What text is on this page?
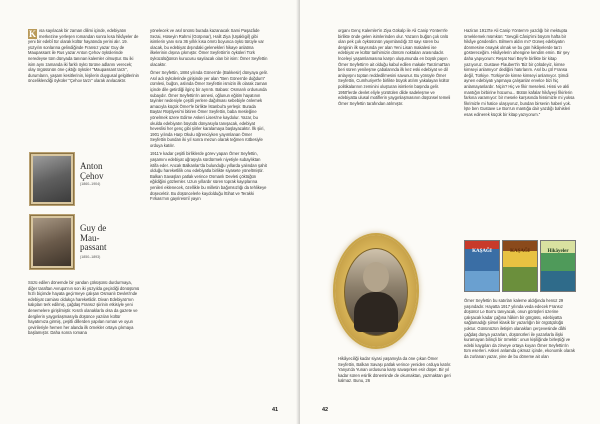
K ısa sayılacak bir zaman dilimi içinde, edebiyatın merkezine yerleşen romandan sonra kısa hikâyeler de yeni bir edebî tür olarak kültür hayatında yerini alır. 19. yüzyılın sonlarına gelindiğinde Fransız yazar Guy de Maupassant ile Rus yazar Anton Çehov öykülerinde neredeyse tüm dünyada tanınan kalemler olmuştur. Bu iki isim aynı zamanda iki farklı öykü türüne adlarını verecek; olay örgüsünün öne çıktığı öyküler "Maupassant tarzı", durumların, yaşam kesitlerinin, kişilerin duygusal gelgitlerinin önceliklendiği öyküler "Çehov tarzı" olarak anılacaktır.

Anton
Çehov
(1860–1904)
Guy de
Mau-
passant
(1850–1893)

Sözü edilen dönemde bir yandan çöküşünü durdurmaya, diğer taraftan Avrupa'nın son iki yüzyılda geçirdiği dönüşümü hızlı biçimde hayata geçirmeye çalışan Osmanlı Devleti'nde edebiyat camiası oldukça hareketlidir. Divan Edebiyatı'nın kalıpları terk edilmiş, çağdaş Fransız şiirinin etkisiyle yeni denemelere girişilmiştir. Kısıtlı olanaklarla olsa da gazete ve dergilerin yaygınlaşmasıyla düşünce yazıları kültür hayatımıza girmiş, çeşitli dillerden yapılan roman ve oyun çevirileriyle hemen her alanda ilk örnekler ortaya çıkmaya başlamıştır. Daha sonra romana

yönelecek ve asıl ününü burada kazanacak Sami Paşazâde Sezai, Hüseyin Rahmi (Gürpınar), Halit Ziya (Uşaklıgil) gibi isimlerin yanı sıra 36 yıllık kısa ömrü boyunca öykü türüyle var olacak, bu edebiyat dışındaki gelenekleri hikaye anlatma ilkelerinin dışına çıkmıştır. Ömer Seyfettin'in öyküleri Türk öykücülüğünün kurucusu sayılacak olan bir isim: Ömer Seyfettin olacaktır.

Ömer Seyfettin, 1884 yılında Gönen'de (Balıkesir) dünyaya gelir. Asıl adı öykülerinde girişinde yer alan "Ben Gönen'de doğdum" cümlesi, buğün, aslında Ömer Seyfettin ismizin ilk olarak zaman içinde dile getirdiği ilginç bir ayrıntı. Babası: Osmanlı ordusunda subaydır. Ömer Seyfettin'in annesi, oğlunun eğitim hayatının tayinler nedeniyle çeşitli yerlere dağılması sebebiyle önlemek amacıyla küçük Ömer'le birlikte İstanbul'a yerleşir. Burada Baytar Rüştiyesi'ni bitiren Ömer Seyfettin, baba mesleğine yönelmek üzere Edirne Askeri Lisesi'ne kaydolur. Yazar, bu okulda edebiyatın büyüdü dünyasıyla tanışacak, edebiyat heveslisi her genç gibi şiirler karalamaya başlayacaktır. İlk şiiri, 1901 yılında Harp Okulu öğrenciyken yayımlanan Ömer Seyfettin bundan iki yıl sonra mezun olarak teğmen rütbesiyle orduya katılır.

1911'e kadar çeşitli birliklerde görev yapan Ömer Seyfettin, yaşamını edebiyat uğraşıyla sürdürmek niyetiyle subaylıktan istifa eder. Ancak Balkanlar'da bulunduğu yıllarda yalından şahit olduğu hareketlilik onu edebiyatla birlikte siyasete yöneltmiştir. Balkan Savaşları patlak verince Osmanlı Devleti çöktüğün eğildiğini gözlemler. Uzun yıllardır süren toprak kayıplarına yenileri eklenecek, özellikle bu milletin bağımsızlığı da tehlikeye düşecektir. Bu düşüncelerle kaydolduğu İttihat ve Terakki Fırkası'nın gayriresmî yayın

41

organı Genç Kalemler'in Ziya Gökalp ile Ali Canip Yöntem'le birlikte önde gelen isimlerinden olur. Yazarın buğün çok ünlü olan pek çok öyküsünün yayımlandığı 33 sayı süren bu derginin ilk sayısında yer alan Yeni Lisan makalesi ise edebiyat ve kültür tarihimizin dönüm noktaları arasındadır. İnceleyi yaşamlamasına karşın oluşumunda en büyük payın Ömer Seyfettin'e ait olduğu kabul edilen makale Tanzimat'tan beri süren yenileşme çabalarında ilk kez eski edebiyat ve dil anlayışını toptan reddedilmesini savunur. Bu yönüyle Ömer Seyfettin, Cumhuriyet'le birlikte büyük atılım yakalayan kültür politikalarının zeminini oluşturan isimlerin başında gelir. 1950'lerde devlet eliyle yürütülen dilde sadeleşme ve edebiyatta ulusal motiflerin yaygınlaşmasının düşünsel temeli Ömer Seyfettin tarafından atılmıştır.

Hikâyeciliği kadar siyasi yaşamıyla da öne çıkan Ömer Seyfettin, Balkan Savaşı patlak verince yeniden orduya katılır. Yanya'da Yunan ordusuna karşı savaşırken esir düşer. Bir yıl kadar süren esirlik döneminde de okumaktan, yazmaktan geri kalmaz. Bunu, 26

Haziran 1913'te Ali Canip Yöntem'e yazdığı bir mektupta örneklemek mümkün: "Sevgili Cânip'imi büyüm hafta bir hikâye gönderdim. Bilmem aldın mı? Güneş edebiyatın dönmesine önayak olmak ve bu gün hikâyelerde tarzı göstereceğim. Hikâyelerin ahengine kendim emin. Bir şey daha yapıyorum: Reşat Nuri Bey'le birlikte bir kitap yazıyoruz. Gustave Flaubert'in 'Biz bir çölüdeyiz, kimse kimseyi anlamıyor' dediğini hatırlarım. Asıl bu çöl Fransa değil, Türkiye. Türkiye'de kimse kimseyi anlamıyor. Şimdi aynen edebiyatı yapmaya çalışanlar ervelce bizi hiç anlamayanlardır. Niçin? Hiç ve fikir meselesi. Hissi ve akli mantığın birbirine hücumu... Bütün kafalar hikâyeyi fikirlerin farkına varamıyor: bir mesele karşısında hissimizle mi yoksa fikrimizle mi hatice ulaşıyoruz, bundan birsenin haberi yok. İşte ben Gustave Le Bon'un mantığa dair yazdığı bahisleri esas edinerek küçük bir kitap yazıyorum."

KAŞAĞI	KAŞAĞI	Hikâyeler

Ömer Seyfettin bu satırları kaleme aldığında henüz 29 yaşındadır. Hayatta 1917 yılında veda edecek Fransız düşünür Le Bon'u tanıyacak, onun görüşleri üzerine çalışacak kadar çağına hâkim bir görgüsü, edebiyatta sağlamadığı şiirsel klasik bir yazarlığın bir örgütçülüğü yoktur. Gününüzün iletişim olanakları çerçevesinde dâhi çağdaş dünya yazarları, düşünürleri ile yazarlarla ilişki kuramayan bilinçli bir örnektir: onun kişiliğinde birleştiği ve edebi kaygıları da zirveye ortaya koyan Ömer Seyfettin'in tüm eserleri. Askeri anlamda çıkmaz içinde, ekonomik olarak da zorlanan yazar, yine de bu döneme ait olan

42
